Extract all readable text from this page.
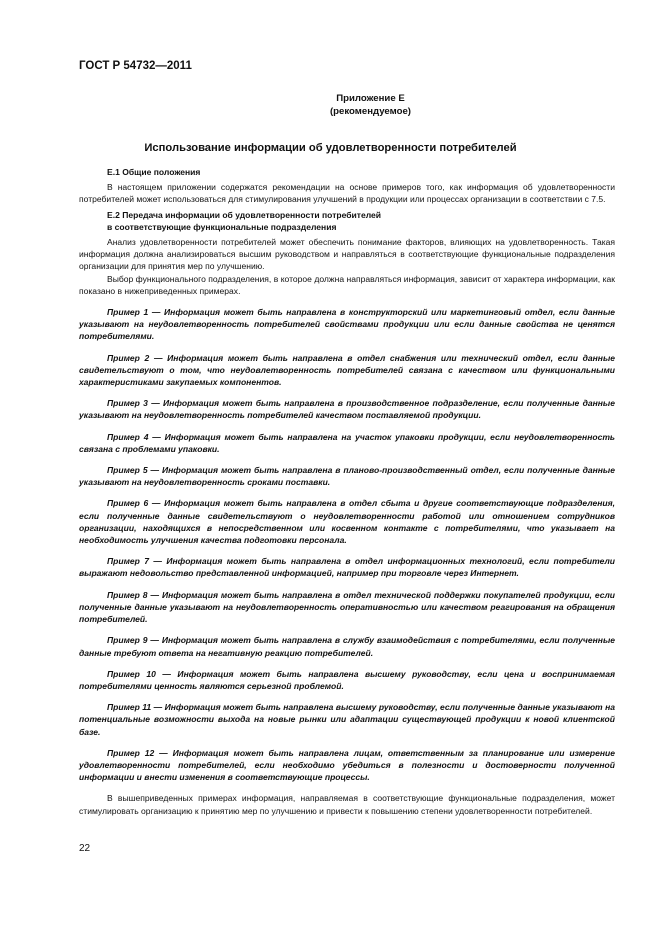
ГОСТ Р 54732—2011
Приложение Е
(рекомендуемое)
Использование информации об удовлетворенности потребителей
Е.1 Общие положения

В настоящем приложении содержатся рекомендации на основе примеров того, как информация об удовлетворенности потребителей может использоваться для стимулирования улучшений в продукции или процессах организации в соответствии с 7.5.

Е.2 Передача информации об удовлетворенности потребителей
в соответствующие функциональные подразделения

Анализ удовлетворенности потребителей может обеспечить понимание факторов, влияющих на удовлетворенность. Такая информация должна анализироваться высшим руководством и направляться в соответствующие функциональные подразделения организации для принятия мер по улучшению.

Выбор функционального подразделения, в которое должна направляться информация, зависит от характера информации, как показано в нижеприведенных примерах.

Пример 1 — Информация может быть направлена в конструкторский или маркетинговый отдел, если данные указывают на неудовлетворенность потребителей свойствами продукции или если данные свойства не ценятся потребителями.

Пример 2 — Информация может быть направлена в отдел снабжения или технический отдел, если данные свидетельствуют о том, что неудовлетворенность потребителей связана с качеством или функциональными характеристиками закупаемых компонентов.

Пример 3 — Информация может быть направлена в производственное подразделение, если полученные данные указывают на неудовлетворенность потребителей качеством поставляемой продукции.

Пример 4 — Информация может быть направлена на участок упаковки продукции, если неудовлетворенность связана с проблемами упаковки.

Пример 5 — Информация может быть направлена в планово-производственный отдел, если полученные данные указывают на неудовлетворенность сроками поставки.

Пример 6 — Информация может быть направлена в отдел сбыта и другие соответствующие подразделения, если полученные данные свидетельствуют о неудовлетворенности работой или отношением сотрудников организации, находящихся в непосредственном или косвенном контакте с потребителями, что указывает на необходимость улучшения качества подготовки персонала.

Пример 7 — Информация может быть направлена в отдел информационных технологий, если потребители выражают недовольство представленной информацией, например при торговле через Интернет.

Пример 8 — Информация может быть направлена в отдел технической поддержки покупателей продукции, если полученные данные указывают на неудовлетворенность оперативностью или качеством реагирования на обращения потребителей.

Пример 9 — Информация может быть направлена в службу взаимодействия с потребителями, если полученные данные требуют ответа на негативную реакцию потребителей.

Пример 10 — Информация может быть направлена высшему руководству, если цена и воспринимаемая потребителями ценность являются серьезной проблемой.

Пример 11 — Информация может быть направлена высшему руководству, если полученные данные указывают на потенциальные возможности выхода на новые рынки или адаптации существующей продукции к новой клиентской базе.

Пример 12 — Информация может быть направлена лицам, ответственным за планирование или измерение удовлетворенности потребителей, если необходимо убедиться в полезности и достоверности полученной информации и внести изменения в соответствующие процессы.

В вышеприведенных примерах информация, направляемая в соответствующие функциональные подразделения, может стимулировать организацию к принятию мер по улучшению и привести к повышению степени удовлетворенности потребителей.

22
